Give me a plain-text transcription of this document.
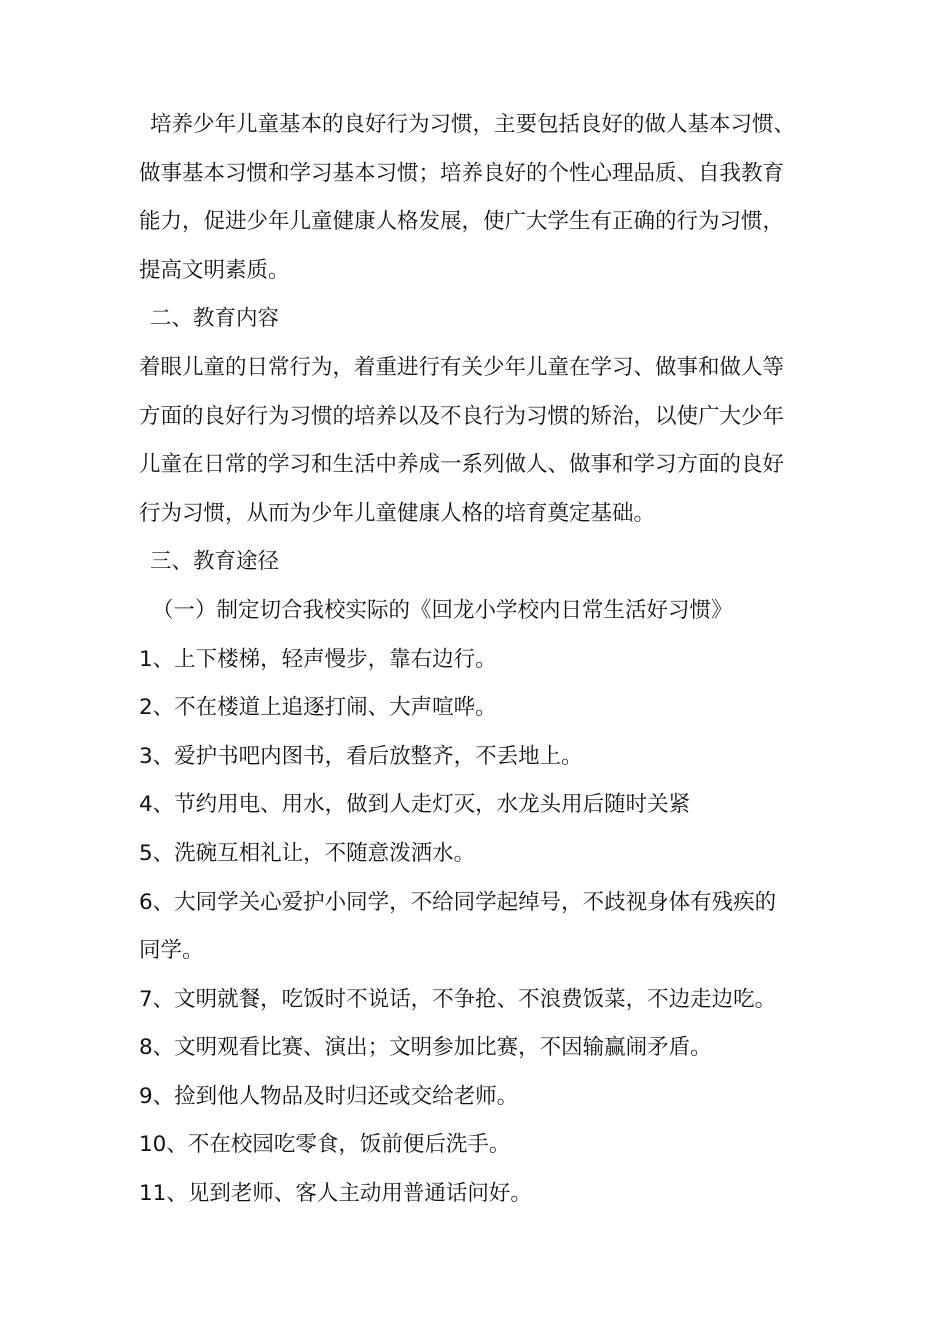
培养少年儿童基本的良好行为习惯，主要包括良好的做人基本习惯、
做事基本习惯和学习基本习惯；培养良好的个性心理品质、自我教育
能力，促进少年儿童健康人格发展，使广大学生有正确的行为习惯，
提高文明素质。
二、教育内容
着眼儿童的日常行为，着重进行有关少年儿童在学习、做事和做人等
方面的良好行为习惯的培养以及不良行为习惯的矫治，以使广大少年
儿童在日常的学习和生活中养成一系列做人、做事和学习方面的良好
行为习惯，从而为少年儿童健康人格的培育奠定基础。
三、教育途径
（一）制定切合我校实际的《回龙小学校内日常生活好习惯》
1、上下楼梯，轻声慢步，靠右边行。
2、不在楼道上追逐打闹、大声喧哗。
3、爱护书吧内图书，看后放整齐，不丢地上。
4、节约用电、用水，做到人走灯灭，水龙头用后随时关紧
5、洗碗互相礼让，不随意泼洒水。
6、大同学关心爱护小同学，不给同学起绰号，不歧视身体有残疾的
同学。
7、文明就餐，吃饭时不说话，不争抢、不浪费饭菜，不边走边吃。
8、文明观看比赛、演出；文明参加比赛，不因输赢闹矛盾。
9、捡到他人物品及时归还或交给老师。
10、不在校园吃零食，饭前便后洗手。
11、见到老师、客人主动用普通话问好。
